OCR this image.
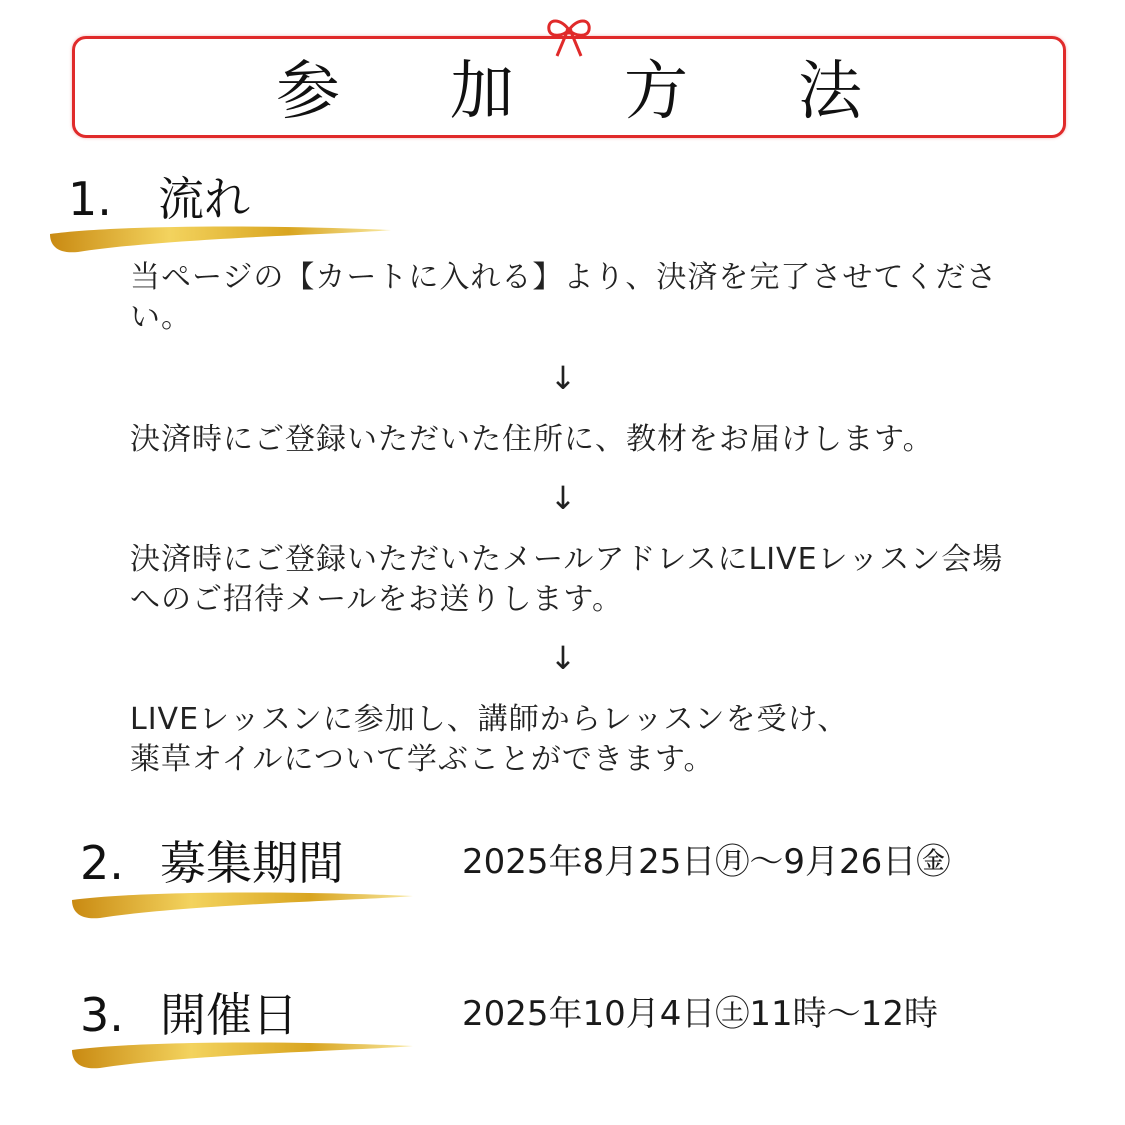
参加方法
1. 流れ
当ページの【カートに入れる】より、決済を完了させてください。
↓
決済時にご登録いただいた住所に、教材をお届けします。
↓
決済時にご登録いただいたメールアドレスにLIVEレッスン会場へのご招待メールをお送りします。
↓
LIVEレッスンに参加し、講師からレッスンを受け、
薬草オイルについて学ぶことができます。
2. 募集期間	2025年8月25日㊊～9月26日㊎
3. 開催日	2025年10月4日㊏11時～12時
